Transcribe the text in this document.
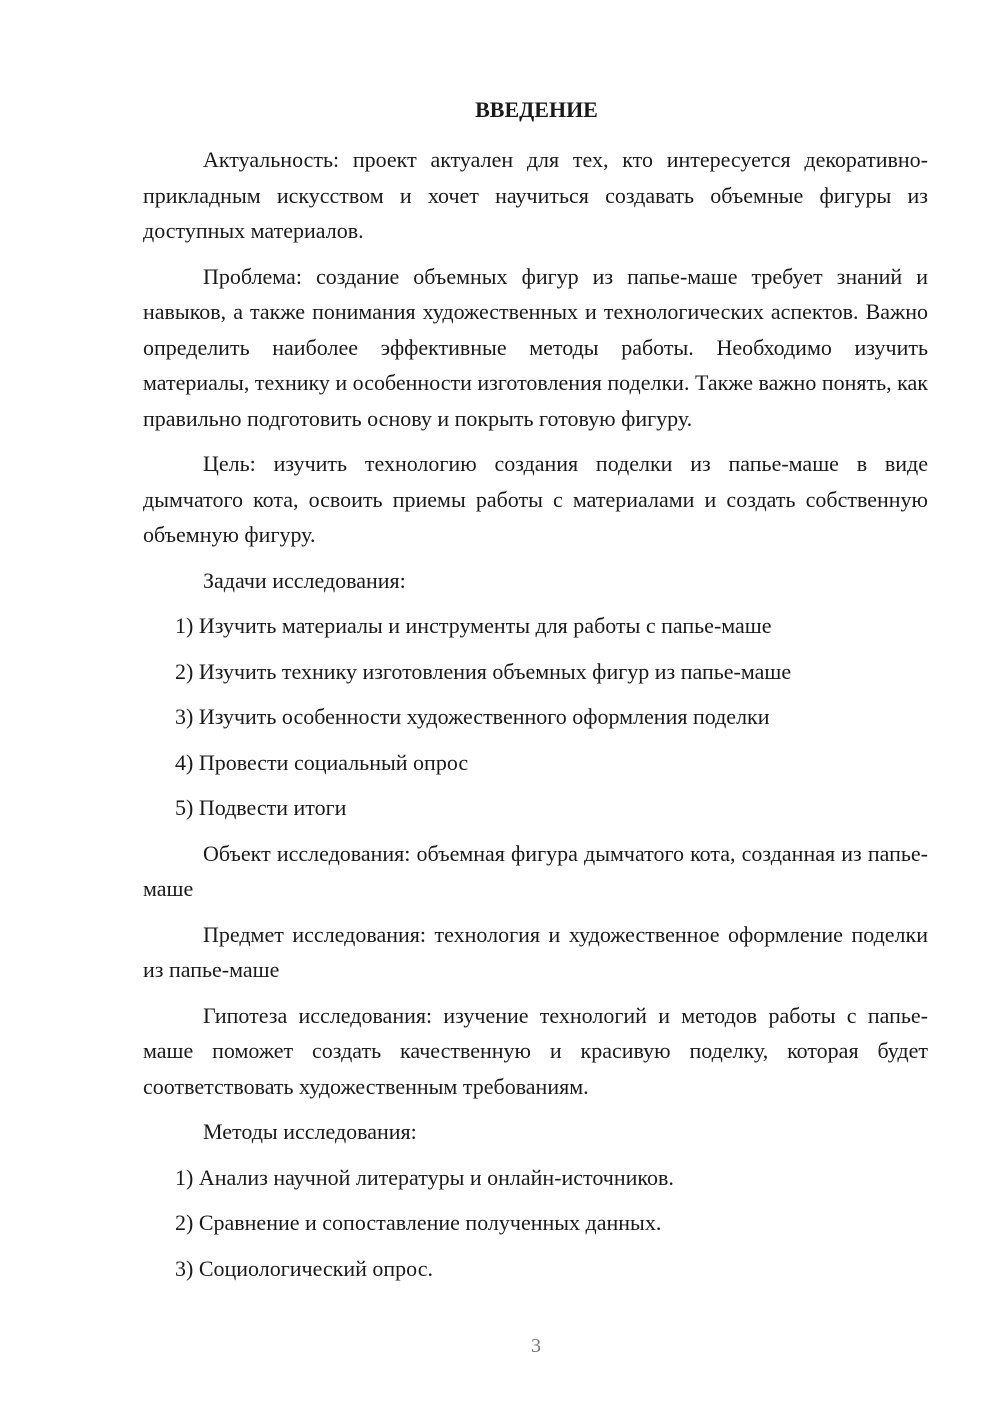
ВВЕДЕНИЕ

Актуальность: проект актуален для тех, кто интересуется декоративно-прикладным искусством и хочет научиться создавать объемные фигуры из доступных материалов.

Проблема: создание объемных фигур из папье-маше требует знаний и навыков, а также понимания художественных и технологических аспектов. Важно определить наиболее эффективные методы работы. Необходимо изучить материалы, технику и особенности изготовления поделки. Также важно понять, как правильно подготовить основу и покрыть готовую фигуру.

Цель: изучить технологию создания поделки из папье-маше в виде дымчатого кота, освоить приемы работы с материалами и создать собственную объемную фигуру.

Задачи исследования:

1) Изучить материалы и инструменты для работы с папье-маше

2) Изучить технику изготовления объемных фигур из папье-маше

3) Изучить особенности художественного оформления поделки

4) Провести социальный опрос

5) Подвести итоги

Объект исследования: объемная фигура дымчатого кота, созданная из папье-маше

Предмет исследования: технология и художественное оформление поделки из папье-маше

Гипотеза исследования: изучение технологий и методов работы с папье-маше поможет создать качественную и красивую поделку, которая будет соответствовать художественным требованиям.

Методы исследования:

1) Анализ научной литературы и онлайн-источников.

2) Сравнение и сопоставление полученных данных.

3) Социологический опрос.

3
